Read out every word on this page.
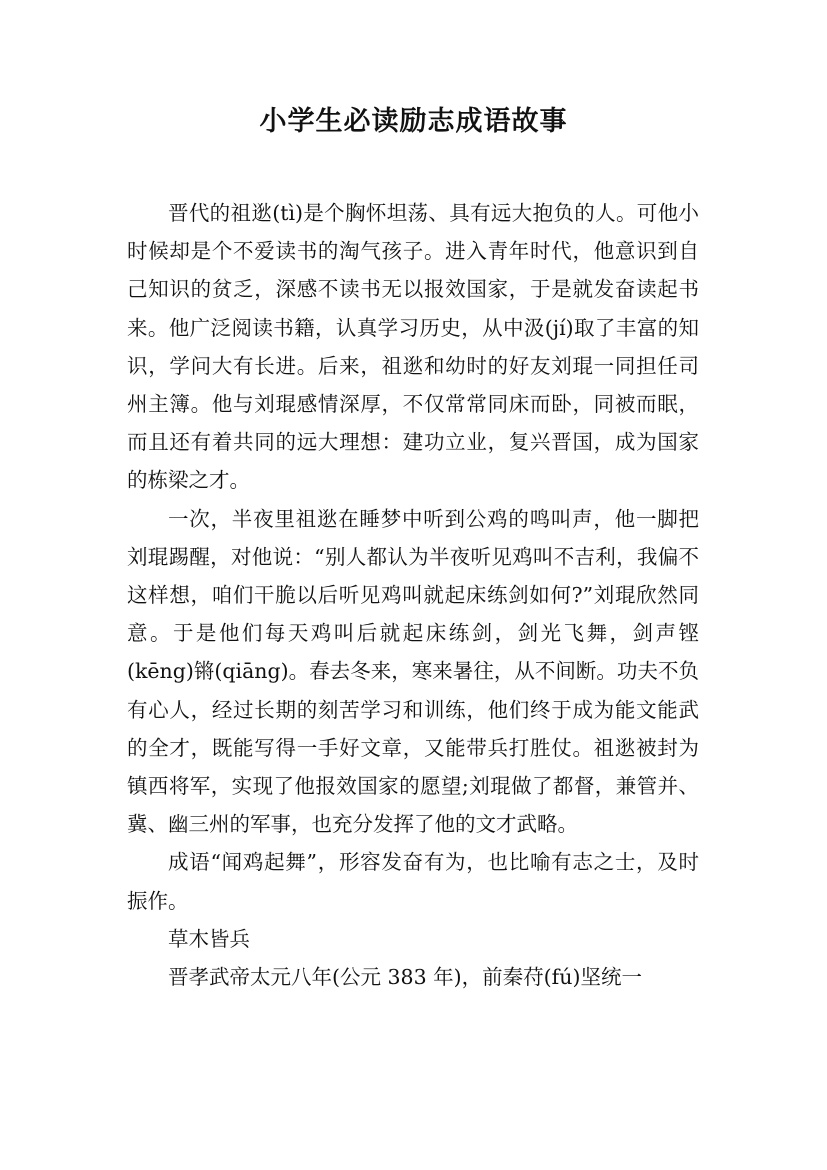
小学生必读励志成语故事

晋代的祖逖(tì)是个胸怀坦荡、具有远大抱负的人。可他小时候却是个不爱读书的淘气孩子。进入青年时代，他意识到自己知识的贫乏，深感不读书无以报效国家，于是就发奋读起书来。他广泛阅读书籍，认真学习历史，从中汲(jí)取了丰富的知识，学问大有长进。后来，祖逖和幼时的好友刘琨一同担任司州主簿。他与刘琨感情深厚，不仅常常同床而卧，同被而眠，而且还有着共同的远大理想：建功立业，复兴晋国，成为国家的栋梁之才。

一次，半夜里祖逖在睡梦中听到公鸡的鸣叫声，他一脚把刘琨踢醒，对他说：“别人都认为半夜听见鸡叫不吉利，我偏不这样想，咱们干脆以后听见鸡叫就起床练剑如何?”刘琨欣然同意。于是他们每天鸡叫后就起床练剑，剑光飞舞，剑声铿(kēng)锵(qiāng)。春去冬来，寒来暑往，从不间断。功夫不负有心人，经过长期的刻苦学习和训练，他们终于成为能文能武的全才，既能写得一手好文章，又能带兵打胜仗。祖逖被封为镇西将军，实现了他报效国家的愿望;刘琨做了都督，兼管并、冀、幽三州的军事，也充分发挥了他的文才武略。

成语“闻鸡起舞”，形容发奋有为，也比喻有志之士，及时振作。

草木皆兵

晋孝武帝太元八年(公元 383 年)，前秦苻(fú)坚统一
